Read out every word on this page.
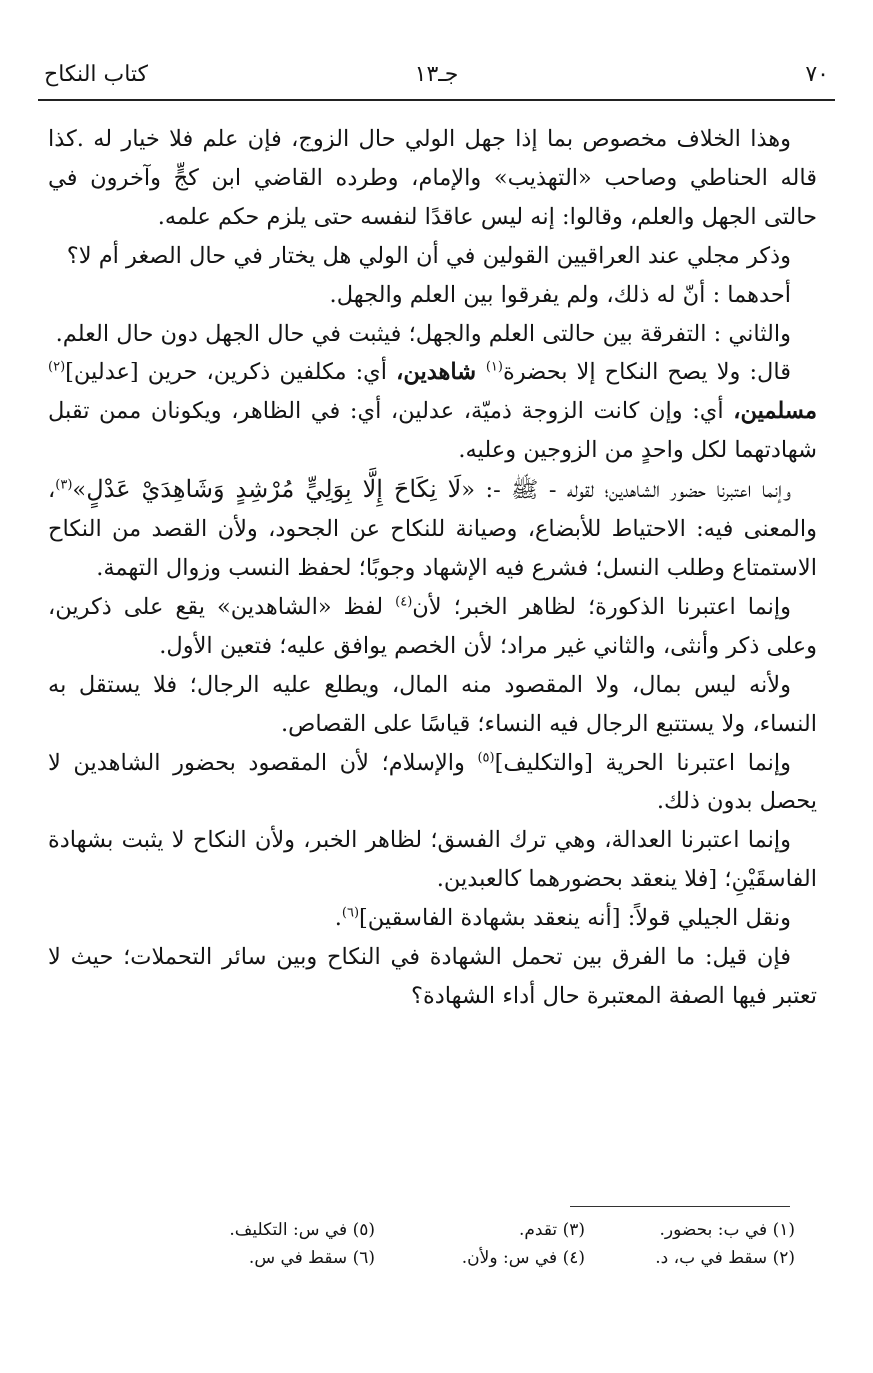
٧٠
جـ١٣
كتاب النكاح

وهذا الخلاف مخصوص بما إذا جهل الولي حال الزوج، فإن علم فلا خيار له .كذا قاله الحناطي وصاحب «التهذيب» والإمام، وطرده القاضي ابن كجٍّ وآخرون في حالتى الجهل والعلم، وقالوا: إنه ليس عاقدًا لنفسه حتى يلزم حكم علمه.

وذكر مجلي عند العراقيين القولين في أن الولي هل يختار في حال الصغر أم لا؟

أحدهما : أنّ له ذلك، ولم يفرقوا بين العلم والجهل.

والثاني : التفرقة بين حالتى العلم والجهل؛ فيثبت في حال الجهل دون حال العلم.

قال: ولا يصح النكاح إلا بحضرة$^{(١)}$ شاهدين، أي: مكلفين ذكرين، حرين [عدلين]$^{(٢)}$ مسلمين، أي: وإن كانت الزوجة ذميّة، عدلين، أي: في الظاهر، ويكونان ممن تقبل شهادتهما لكل واحدٍ من الزوجين وعليه.

وإنما اعتبرنا حضور الشاهدين؛ لقوله - ﷺ -: «لَا نِكَاحَ إِلَّا بِوَلِيٍّ مُرْشِدٍ وَشَاهِدَيْ عَدْلٍ»$^{(٣)}$، والمعنى فيه: الاحتياط للأبضاع، وصيانة للنكاح عن الجحود، ولأن القصد من النكاح الاستمتاع وطلب النسل؛ فشرع فيه الإشهاد وجوبًا؛ لحفظ النسب وزوال التهمة.

وإنما اعتبرنا الذكورة؛ لظاهر الخبر؛ لأن$^{(٤)}$ لفظ «الشاهدين» يقع على ذكرين، وعلى ذكر وأنثى، والثاني غير مراد؛ لأن الخصم يوافق عليه؛ فتعين الأول.

ولأنه ليس بمال، ولا المقصود منه المال، ويطلع عليه الرجال؛ فلا يستقل به النساء، ولا يستتبع الرجال فيه النساء؛ قياسًا على القصاص.

وإنما اعتبرنا الحرية [والتكليف]$^{(٥)}$ والإسلام؛ لأن المقصود بحضور الشاهدين لا يحصل بدون ذلك.

وإنما اعتبرنا العدالة، وهي ترك الفسق؛ لظاهر الخبر، ولأن النكاح لا يثبت بشهادة الفاسقَيْنِ؛ [فلا ينعقد بحضورهما كالعبدين.

ونقل الجيلي قولاً: [أنه ينعقد بشهادة الفاسقين]$^{(٦)}$.

فإن قيل: ما الفرق بين تحمل الشهادة في النكاح وبين سائر التحملات؛ حيث لا تعتبر فيها الصفة المعتبرة حال أداء الشهادة؟

(١) في ب: بحضور.
(٣) تقدم.
(٥) في س: التكليف.
(٢) سقط في ب، د.
(٤) في س: ولأن.
(٦) سقط في س.
